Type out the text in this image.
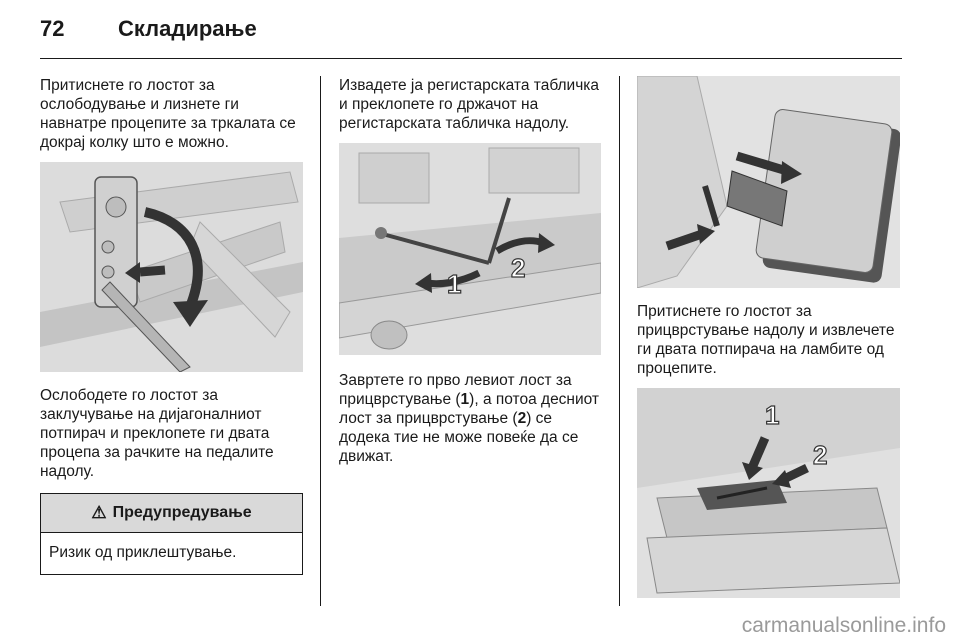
72 Складирање

Притиснете го лостот за ослободување и лизнете ги навнатре процепите за тркалата се докрај колку што е можно.

Ослободете го лостот за заклучување на дијагоналниот потпирач и преклопете ги двата процепа за рачките на педалите надолу.

⚠ Предупредување
Ризик од приклештување.

Извадете ја регистарската табличка и преклопете го држачот на регистарската табличка надолу.

1
2

Завртете го прво левиот лост за прицврстување (1), а потоа десниот лост за прицврстување (2) се додека тие не може повеќе да се движат.

Притиснете го лостот за прицврстување надолу и извлечете ги двата потпирача на ламбите од процепите.

1
2
carmanualsonline.info
